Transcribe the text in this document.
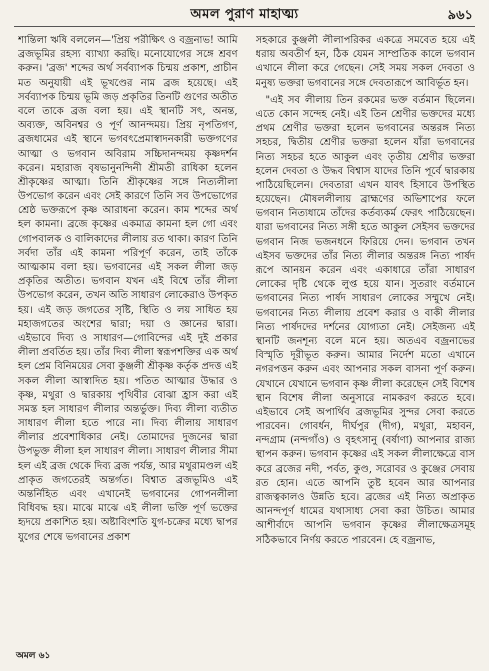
অমল পুরাণ মাহাত্ম্য	৯৬১

শান্তিলা ঋষি বললেন—'প্রিয় পরীক্ষিৎ ও বজ্রনাভ! আমি ব্রজভূমির রহস্য ব্যাখ্যা করছি। মনোযোগের সঙ্গে শ্রবণ করুন। 'ব্রজ' শব্দের অর্থ সর্বব্যাপক চিন্ময় প্রকাশ, প্রাচীন মত অনুযায়ী এই ভূখণ্ডের নাম ব্রজ হয়েছে। এই সর্বব্যাপক চিন্ময় ভূমি জড় প্রকৃতির তিনটি গুণের অতীত বলে তাকে ব্রজ বলা হয়। এই স্থানটি সৎ, অনন্ত, অব্যক্ত, অবিনশ্বর ও পূর্ণ আনন্দময়। প্রিয় নৃপতিগণ, ব্রজধামের এই স্থানে ভগবৎপ্রেমাস্বাদনকারী ভক্তগণের আত্মা ও ভগবান অবিরাম সচ্চিদানন্দময় কৃষ্ণদর্শন করেন। মহারাজ বৃষভানুনন্দিনী শ্রীমতী রাধিকা হলেন শ্রীকৃষ্ণের আত্মা। তিনি শ্রীকৃষ্ণের সঙ্গে নিত্যলীলা উপভোগ করেন এবং সেই কারণে তিনি সব উপভোগের শ্রেষ্ঠ ভক্তরূপে কৃষ্ণ আরাধনা করেন। কাম শব্দের অর্থ হল কামনা। ব্রজে কৃষ্ণের একমাত্র কামনা হল গো এবং গোপবালক ও বালিকাদের লীলায় রত থাকা। কারণ তিনি সর্বদা তাঁর এই কামনা পরিপূর্ণ করেন, তাই তাঁকে আত্মকাম বলা হয়। ভগবানের এই সকল লীলা জড় প্রকৃতির অতীত। ভগবান যখন এই বিশ্বে তাঁর লীলা উপভোগ করেন, তখন অতি সাধারণ লোকেরাও উপকৃত হয়। এই জড় জগতের সৃষ্টি, স্থিতি ও লয় সাধিত হয় মহাজগতের অংশের দ্বারা; দয়া ও জ্ঞানের দ্বারা। এইভাবে দিব্য ও সাধারণ—গোবিন্দের এই দুই প্রকার লীলা প্রবর্তিত হয়। তাঁর দিব্য লীলা স্বরূপশক্তির এক অর্থ হল প্রেম বিনিময়ের সেবা কুঞ্জলী শ্রীকৃষ্ণ কর্তৃক প্রদত্ত এই সকল লীলা আস্বাদিত হয়। পতিত আত্মার উদ্ধার ও কৃষ্ণ, মথুরা ও দ্বারকায় পৃথিবীর বোঝা হ্রাস করা এই সমস্ত হল সাধারণ লীলার অন্তর্ভুক্ত। দিব্য লীলা ব্যতীত সাধারণ লীলা হতে পারে না। দিব্য লীলায় সাধারণ লীলার প্রবেশাধিকার নেই। তোমাদের দুজনের দ্বারা উপভুক্ত লীলা হল সাধারণ লীলা। সাধারণ লীলার সীমা হল এই ব্রজ থেকে দিব্য ব্রজ পর্যন্ত, আর মথুরামণ্ডল এই প্রাকৃত জগতেরই অন্তর্গত। বিশ্বাত ব্রজভূমিও এই অন্তর্নিহিত এবং এখানেই ভগবানের গোপনলীলা বিধিবদ্ধ হয়। মাঝে মাঝে এই লীলা ভক্তি পূর্ণ ভক্তের হৃদয়ে প্রকাশিত হয়। অষ্টাবিংশতি যুগ-চক্রের মধ্যে দ্বাপর যুগের শেষে ভগবানের প্রকাশ

সহকারে কুঞ্জলী লীলাপরিকর একত্রে সমবেত হয়ে এই ধরায় অবতীর্ণ হন, ঠিক যেমন সাম্প্রতিক কালে ভগবান এখানে লীলা করে গেছেন। সেই সময় সকল দেবতা ও মনুষ্য ভক্তরা ভগবানের সঙ্গে দেবতারূপে আবির্ভূত হন।

"এই সব লীলায় তিন রকমের ভক্ত বর্তমান ছিলেন। এতে কোন সন্দেহ নেই। এই তিন শ্রেণীর ভক্তদের মধ্যে প্রথম শ্রেণীর ভক্তরা হলেন ভগবানের অন্তরঙ্গ নিত্য সহচর, দ্বিতীয় শ্রেণীর ভক্তরা হলেন যাঁরা ভগবানের নিত্য সহচর হতে আকুল এবং তৃতীয় শ্রেণীর ভক্তরা হলেন দেবতা ও উদ্ধব বিশ্বাস যাদের তিনি পূর্বে দ্বারকায় পাঠিয়েছিলেন। দেবতারা এখন যাবৎ হিসাবে উপস্থিত হয়েছেন। মৌষললীলায় ব্রাহ্মণের অভিশাপের ফলে ভগবান নিত্যধামে তাঁদের কর্তব্যকর্ম ফেরৎ পাঠিয়েছেন। যারা ভগবানের নিত্য সঙ্গী হতে আকুল সেইসব ভক্তদের ভগবান নিজ ভজনধনে ফিরিয়ে দেন। ভগবান তখন এইসব ভক্তদের তাঁর নিত্য লীলার অন্তরঙ্গ নিত্য পার্ষদ রূপে আনয়ন করেন এবং একাধারে তাঁরা সাধারণ লোকের দৃষ্টি থেকে লুপ্ত হয়ে যান। সুতরাং বর্তমানে ভগবানের নিত্য পার্ষদ সাধারণ লোকের সম্মুখে নেই। ভগবানের নিত্য লীলায় প্রবেশ করার ও বাকী লীলার নিত্য পার্ষদদের দর্শনের যোগ্যতা নেই। সেইজন্য এই স্থানটি জনশূন্য বলে মনে হয়। অতএব বজ্রনাভের বিস্মৃতি দূরীভূত করুন। আমার নির্দেশ মতো এখানে নগরপত্তন করুন এবং আপনার সকল বাসনা পূর্ণ করুন। যেখানে যেখানে ভগবান কৃষ্ণ লীলা করেছেন সেই বিশেষ স্থান বিশেষ লীলা অনুসারে নামকরণ করতে হবে। এইভাবে সেই অপার্থিব ব্রজভূমির সুন্দর সেবা করতে পারবেন। গোবর্ধন, দীর্ঘপুর (দীগ), মথুরা, মহাবন, নন্দগ্রাম (নন্দগাঁও) ও বৃহৎসানু (বর্ষাণা) আপনার রাজ্য স্থাপন করুন। ভগবান কৃষ্ণের এই সকল লীলাক্ষেত্রে বাস করে ব্রজের নদী, পর্বত, কুণ্ড, সরোবর ও কুঞ্জের সেবায় রত হোন। এতে আপনি তুষ্ট হবেন আর আপনার রাজত্বকালও উন্নতি হবে। ব্রজের এই নিত্য অপ্রাকৃত আনন্দপূর্ণ ধামের যথাসাধ্য সেবা করা উচিত। আমার আশীর্বাদে আপনি ভগবান কৃষ্ণের লীলাক্ষেত্রসমূহ সঠিকভাবে নির্ণয় করতে পারবেন। হে বজ্রনাভ,

অমল ৬১
